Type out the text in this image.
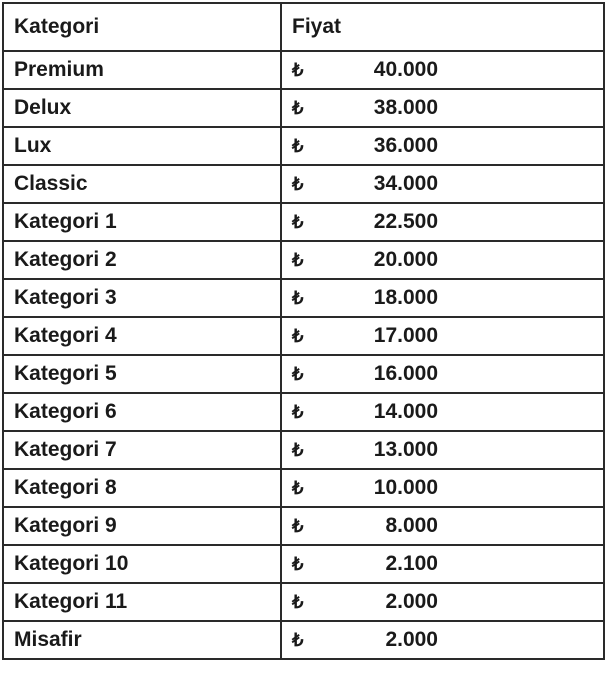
Kategori	Fiyat
Premium	₺ 40.000
Delux	₺ 38.000
Lux	₺ 36.000
Classic	₺ 34.000
Kategori 1	₺ 22.500
Kategori 2	₺ 20.000
Kategori 3	₺ 18.000
Kategori 4	₺ 17.000
Kategori 5	₺ 16.000
Kategori 6	₺ 14.000
Kategori 7	₺ 13.000
Kategori 8	₺ 10.000
Kategori 9	₺ 8.000
Kategori 10	₺ 2.100
Kategori 11	₺ 2.000
Misafir	₺ 2.000
